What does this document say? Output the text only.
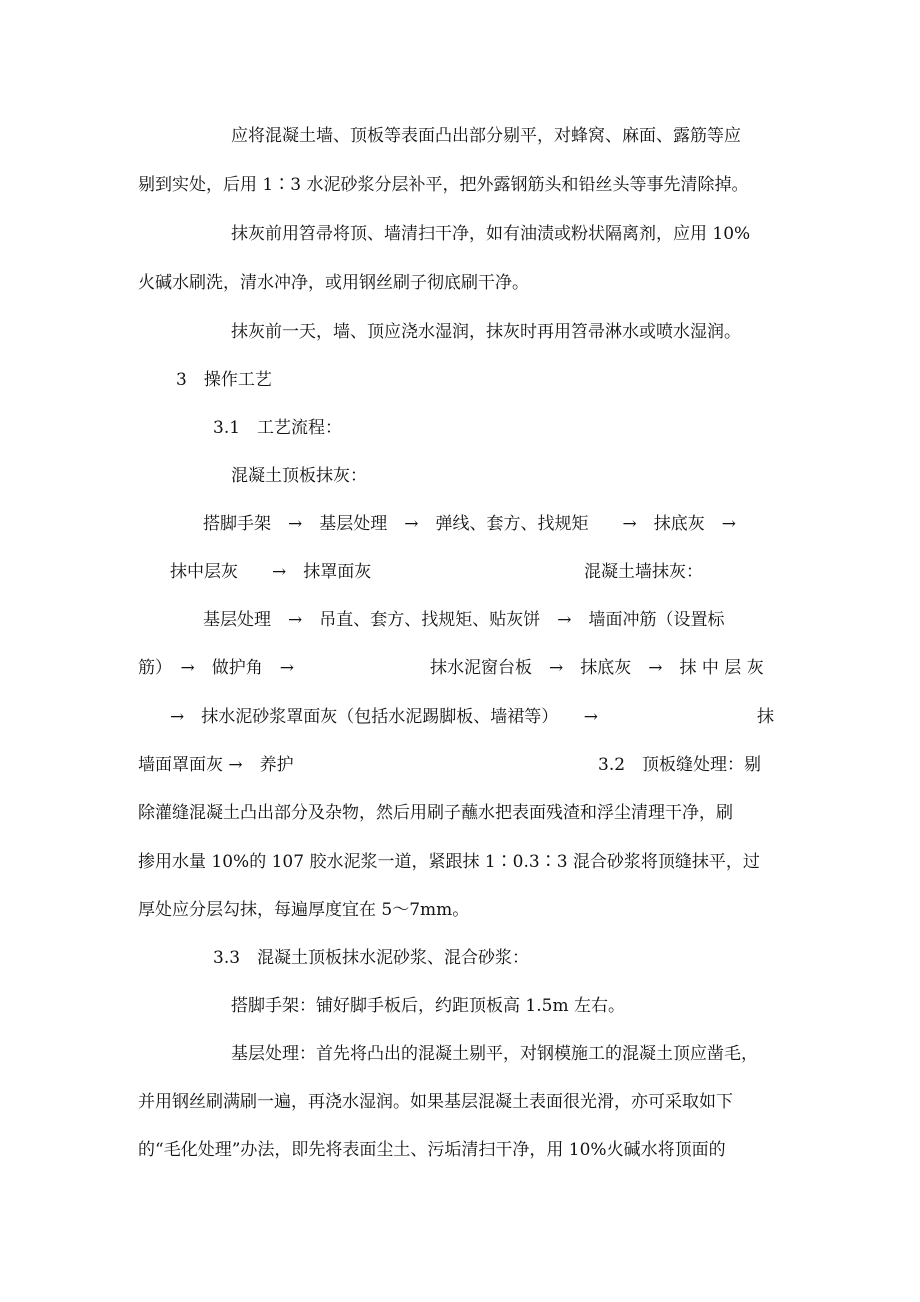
应将混凝土墙、顶板等表面凸出部分剔平，对蜂窝、麻面、露筋等应
剔到实处，后用 1∶3 水泥砂浆分层补平，把外露钢筋头和铅丝头等事先清除掉。
抹灰前用笤帚将顶、墙清扫干净，如有油渍或粉状隔离剂，应用 10%
火碱水刷洗，清水冲净，或用钢丝刷子彻底刷干净。
抹灰前一天，墙、顶应浇水湿润，抹灰时再用笤帚淋水或喷水湿润。
3　操作工艺
3.1　工艺流程：
混凝土顶板抹灰：
搭脚手架　→　基层处理　→　弹线、套方、找规矩　　→　抹底灰　→
抹中层灰　　→　抹罩面灰	混凝土墙抹灰：
基层处理　→　吊直、套方、找规矩、贴灰饼　→　墙面冲筋（设置标
筋）　→　做护角　→	抹水泥窗台板　→　抹底灰　→　抹 中 层 灰
→　抹水泥砂浆罩面灰（包括水泥踢脚板、墙裙等）　　→	抹
墙面罩面灰 →　养护	3.2　顶板缝处理：剔
除灌缝混凝土凸出部分及杂物，然后用刷子蘸水把表面残渣和浮尘清理干净，刷
掺用水量 10%的 107 胶水泥浆一道，紧跟抹 1∶0.3∶3 混合砂浆将顶缝抹平，过
厚处应分层勾抹，每遍厚度宜在 5～7mm。
3.3　混凝土顶板抹水泥砂浆、混合砂浆：
搭脚手架：铺好脚手板后，约距顶板高 1.5m 左右。
基层处理：首先将凸出的混凝土剔平，对钢模施工的混凝土顶应凿毛，
并用钢丝刷满刷一遍，再浇水湿润。如果基层混凝土表面很光滑，亦可采取如下
的“毛化处理”办法，即先将表面尘土、污垢清扫干净，用 10%火碱水将顶面的
